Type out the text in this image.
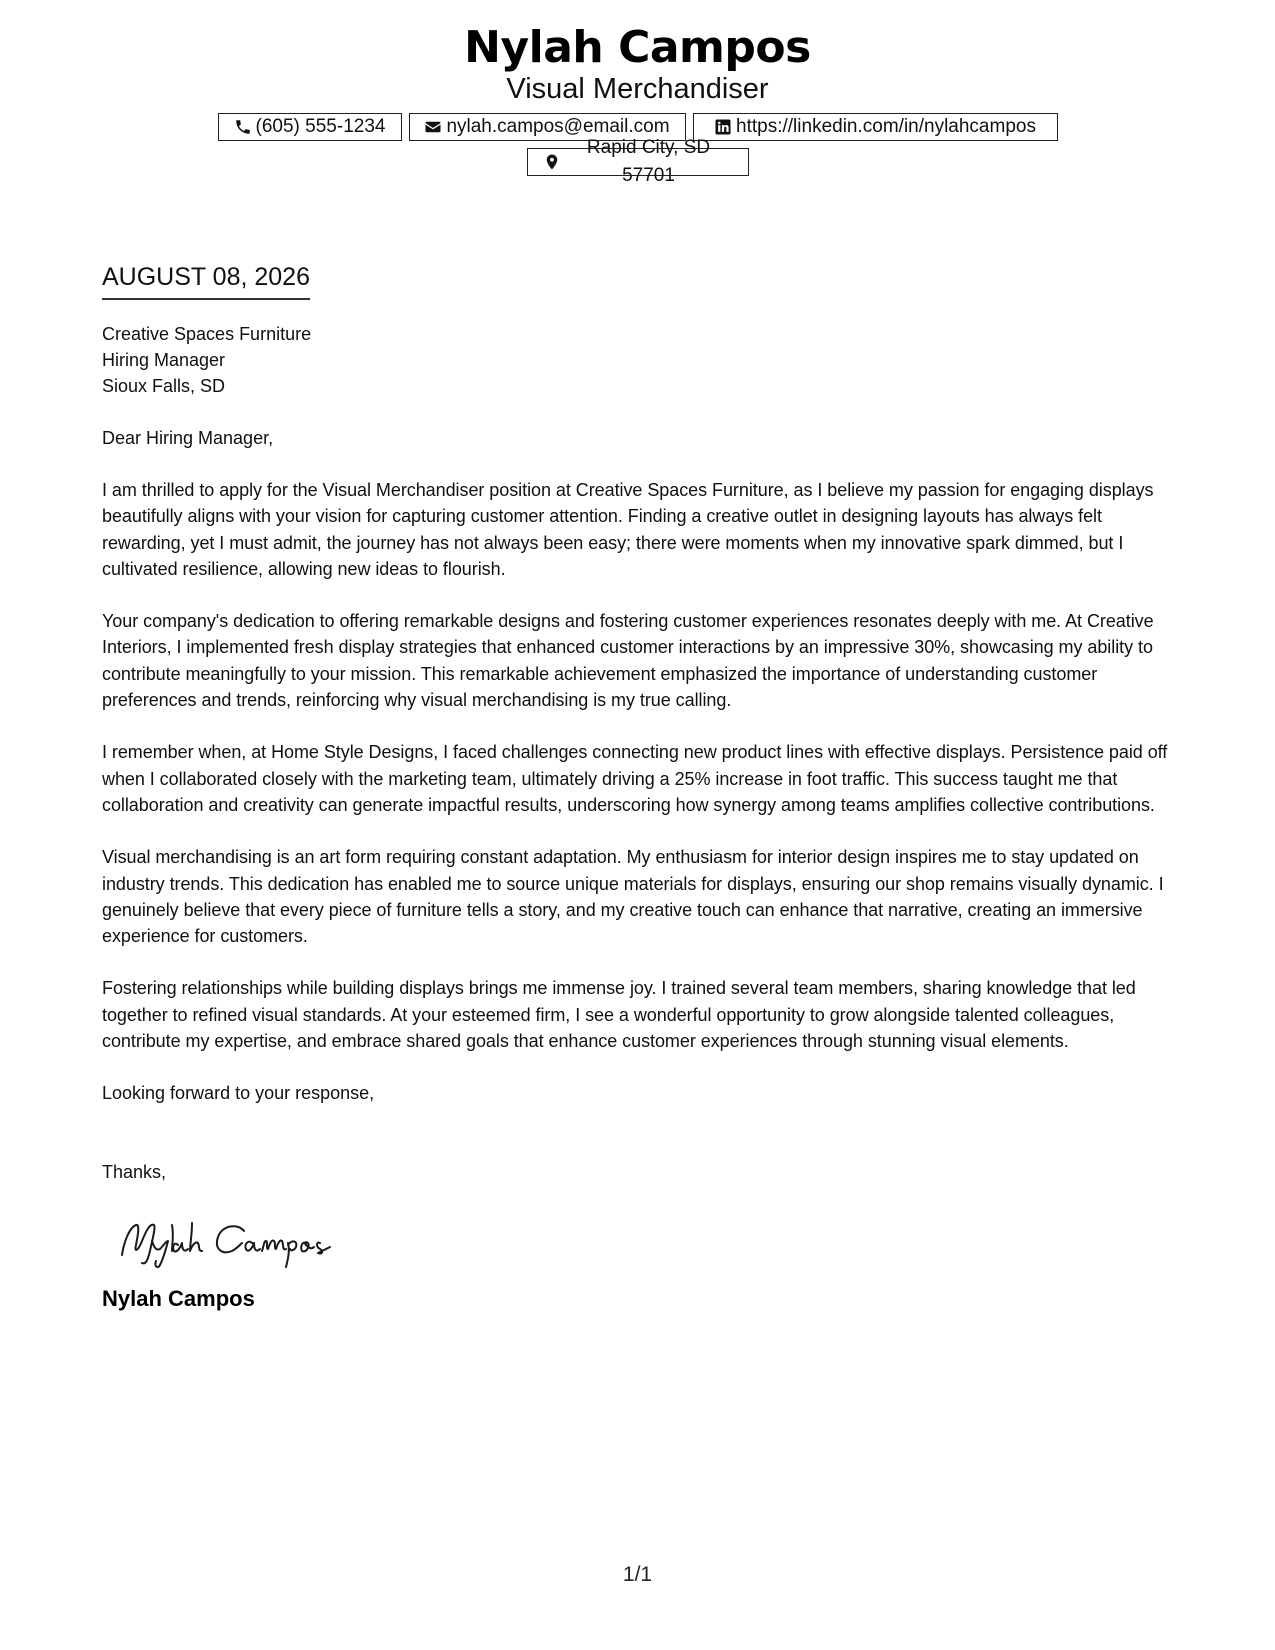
Nylah Campos
Visual Merchandiser
(605) 555-1234	nylah.campos@email.com	https://linkedin.com/in/nylahcampos
Rapid City, SD 57701
AUGUST 08, 2026
Creative Spaces Furniture
Hiring Manager
Sioux Falls, SD
Dear Hiring Manager,
I am thrilled to apply for the Visual Merchandiser position at Creative Spaces Furniture, as I believe my passion for engaging displays beautifully aligns with your vision for capturing customer attention. Finding a creative outlet in designing layouts has always felt rewarding, yet I must admit, the journey has not always been easy; there were moments when my innovative spark dimmed, but I cultivated resilience, allowing new ideas to flourish.
Your company's dedication to offering remarkable designs and fostering customer experiences resonates deeply with me. At Creative Interiors, I implemented fresh display strategies that enhanced customer interactions by an impressive 30%, showcasing my ability to contribute meaningfully to your mission. This remarkable achievement emphasized the importance of understanding customer preferences and trends, reinforcing why visual merchandising is my true calling.
I remember when, at Home Style Designs, I faced challenges connecting new product lines with effective displays. Persistence paid off when I collaborated closely with the marketing team, ultimately driving a 25% increase in foot traffic. This success taught me that collaboration and creativity can generate impactful results, underscoring how synergy among teams amplifies collective contributions.
Visual merchandising is an art form requiring constant adaptation. My enthusiasm for interior design inspires me to stay updated on industry trends. This dedication has enabled me to source unique materials for displays, ensuring our shop remains visually dynamic. I genuinely believe that every piece of furniture tells a story, and my creative touch can enhance that narrative, creating an immersive experience for customers.
Fostering relationships while building displays brings me immense joy. I trained several team members, sharing knowledge that led together to refined visual standards. At your esteemed firm, I see a wonderful opportunity to grow alongside talented colleagues, contribute my expertise, and embrace shared goals that enhance customer experiences through stunning visual elements.
Looking forward to your response,
Thanks,
Nylah Campos
1/1
